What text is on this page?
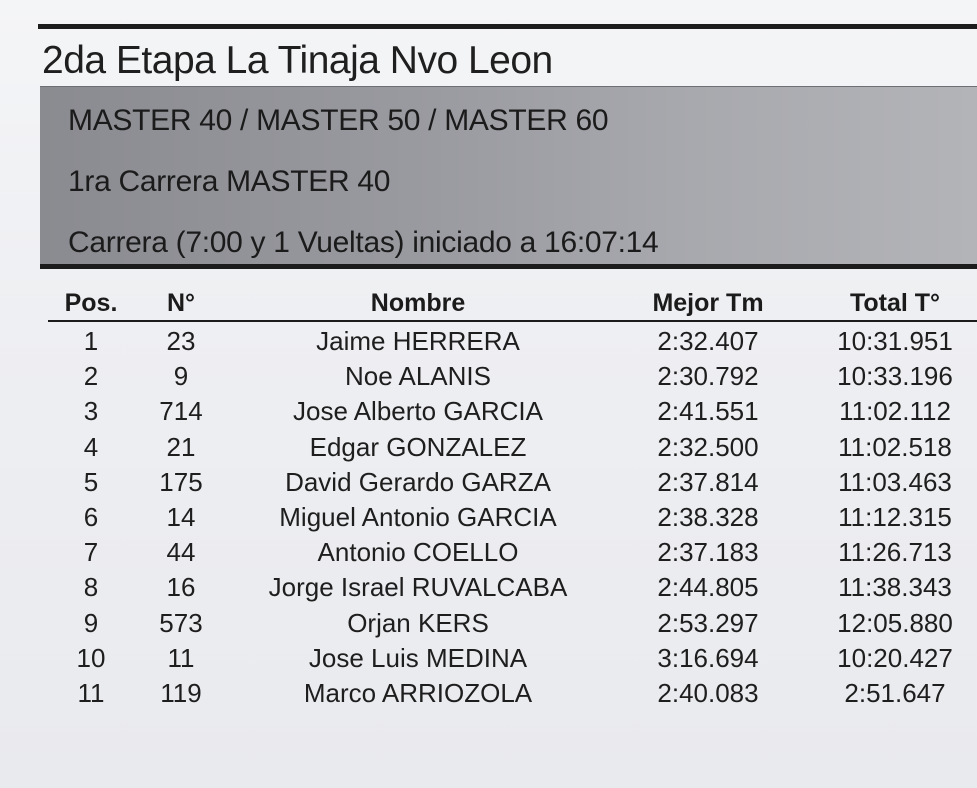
2da Etapa La Tinaja Nvo Leon
MASTER 40 / MASTER 50 / MASTER 60
1ra Carrera MASTER 40
Carrera (7:00 y 1 Vueltas) iniciado a 16:07:14
Pos.	N°	Nombre	Mejor Tm	Total T°
1	23	Jaime HERRERA	2:32.407	10:31.951
2	9	Noe ALANIS	2:30.792	10:33.196
3	714	Jose Alberto GARCIA	2:41.551	11:02.112
4	21	Edgar GONZALEZ	2:32.500	11:02.518
5	175	David Gerardo GARZA	2:37.814	11:03.463
6	14	Miguel Antonio GARCIA	2:38.328	11:12.315
7	44	Antonio COELLO	2:37.183	11:26.713
8	16	Jorge Israel RUVALCABA	2:44.805	11:38.343
9	573	Orjan KERS	2:53.297	12:05.880
10	11	Jose Luis MEDINA	3:16.694	10:20.427
11	119	Marco ARRIOZOLA	2:40.083	2:51.647
